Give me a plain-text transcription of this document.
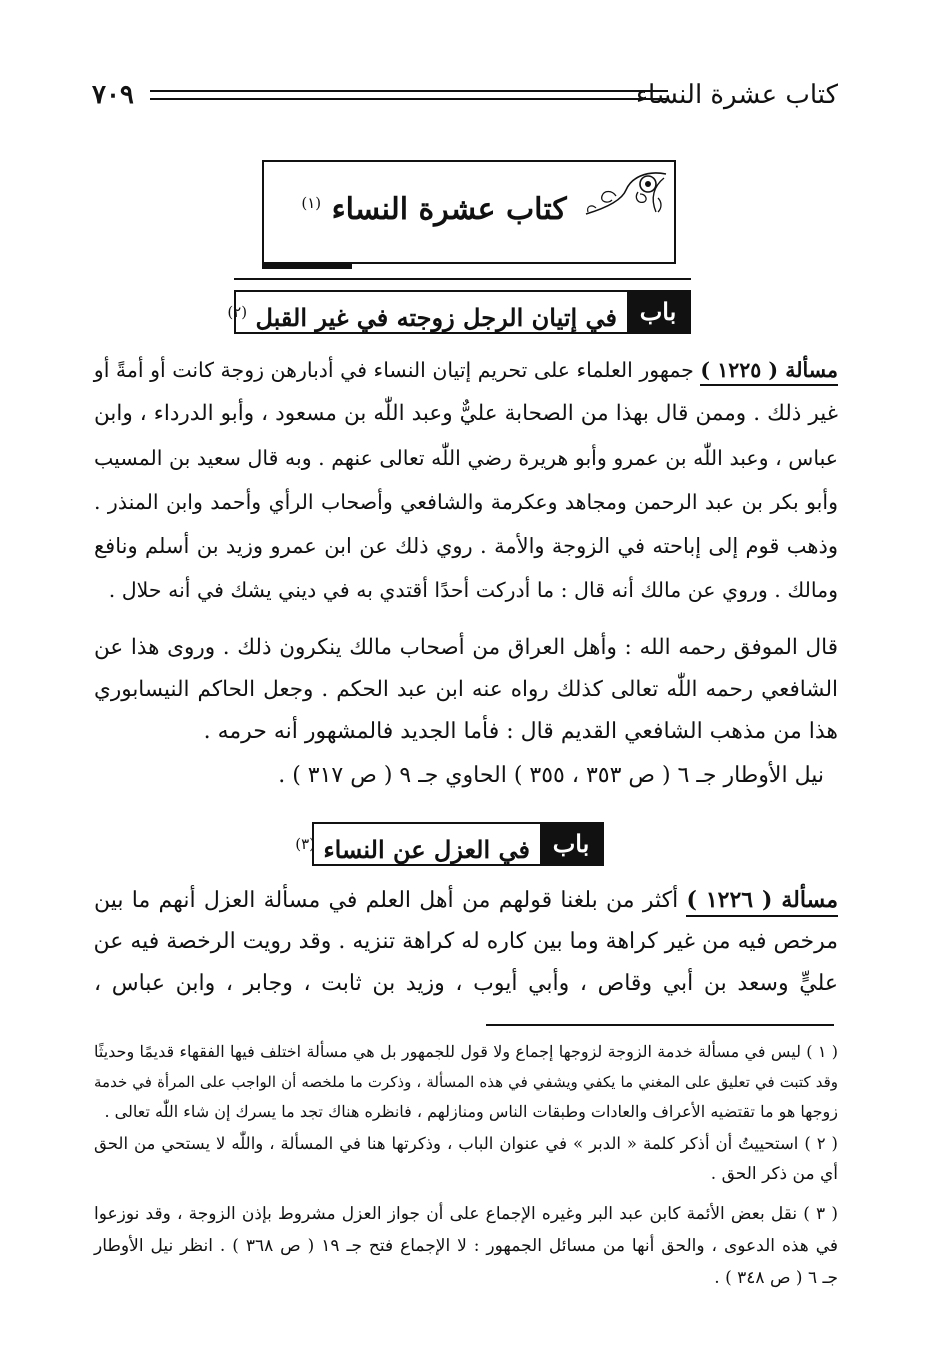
كتاب عشرة النساء
٧٠٩
كتاب عشرة النساء $^{(١)}$
باب
في إتيان الرجل زوجته في غير القبل $^{(٢)}$
مسألة ( ١٢٢٥ ) جمهور العلماء على تحريم إتيان النساء في أدبارهن زوجة كانت أو أمةً أو
غير ذلك . وممن قال بهذا من الصحابة عليٌّ وعبد اللّٰه بن مسعود ، وأبو الدرداء ، وابن
عباس ، وعبد اللّٰه بن عمرو وأبو هريرة رضي اللّٰه تعالى عنهم . وبه قال سعيد بن المسيب
وأبو بكر بن عبد الرحمن ومجاهد وعكرمة والشافعي وأصحاب الرأي وأحمد وابن المنذر .
وذهب قوم إلى إباحته في الزوجة والأمة . روي ذلك عن ابن عمرو وزيد بن أسلم ونافع
ومالك . وروي عن مالك أنه قال : ما أدركت أحدًا أقتدي به في ديني يشك في أنه حلال .
قال الموفق رحمه الله : وأهل العراق من أصحاب مالك ينكرون ذلك . وروى هذا عن
الشافعي رحمه اللّٰه تعالى كذلك رواه عنه ابن عبد الحكم . وجعل الحاكم النيسابوري
هذا من مذهب الشافعي القديم قال : فأما الجديد فالمشهور أنه حرمه .
نيل الأوطار جـ ٦ ( ص ٣٥٣ ، ٣٥٥ ) الحاوي جـ ٩ ( ص ٣١٧ ) .
باب
في العزل عن النساء $^{(٣)}$
مسألة ( ١٢٢٦ ) أكثر من بلغنا قولهم من أهل العلم في مسألة العزل أنهم ما بين
مرخص فيه من غير كراهة وما بين كاره له كراهة تنزيه . وقد رويت الرخصة فيه عن
عليٍّ وسعد بن أبي وقاص ، وأبي أيوب ، وزيد بن ثابت ، وجابر ، وابن عباس ،
( ١ ) ليس في مسألة خدمة الزوجة لزوجها إجماع ولا قول للجمهور بل هي مسألة اختلف فيها الفقهاء قديمًا وحديثًا
وقد كتبت في تعليق على المغني ما يكفي ويشفي في هذه المسألة ، وذكرت ما ملخصه أن الواجب على المرأة في خدمة
زوجها هو ما تقتضيه الأعراف والعادات وطبقات الناس ومنازلهم ، فانظره هناك تجد ما يسرك إن شاء اللّٰه تعالى .
( ٢ ) استحييتُ أن أذكر كلمة « الدبر » في عنوان الباب ، وذكرتها هنا في المسألة ، واللّٰه لا يستحي من الحق
أي من ذكر الحق .
( ٣ ) نقل بعض الأئمة كابن عبد البر وغيره الإجماع على أن جواز العزل مشروط بإذن الزوجة ، وقد نوزعوا
في هذه الدعوى ، والحق أنها من مسائل الجمهور : لا الإجماع فتح جـ ١٩ ( ص ٣٦٨ ) . انظر نيل الأوطار
جـ ٦ ( ص ٣٤٨ ) .
